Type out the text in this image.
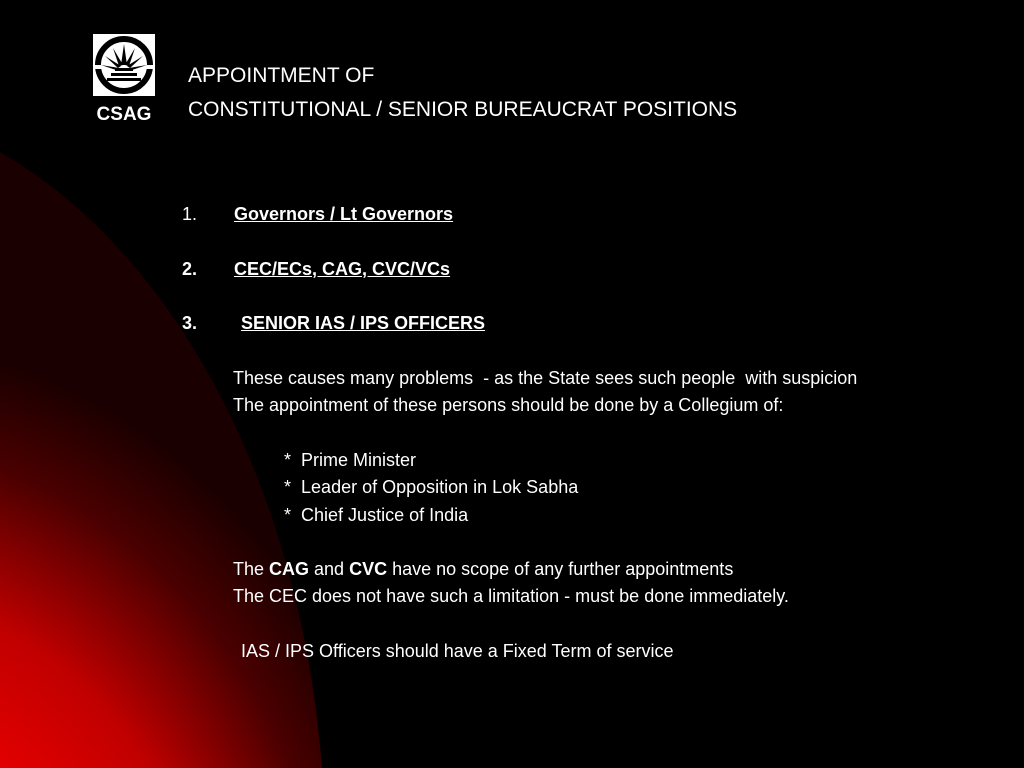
CSAG
APPOINTMENT OF
CONSTITUTIONAL / SENIOR BUREAUCRAT POSITIONS
1. Governors / Lt Governors
2. CEC/ECs, CAG, CVC/VCs
3. SENIOR IAS / IPS OFFICERS
These causes many problems  - as the State sees such people  with suspicion
The appointment of these persons should be done by a Collegium of:
* Prime Minister
* Leader of Opposition in Lok Sabha
* Chief Justice of India
The CAG and CVC have no scope of any further appointments
The CEC does not have such a limitation - must be done immediately.
IAS / IPS Officers should have a Fixed Term of service
